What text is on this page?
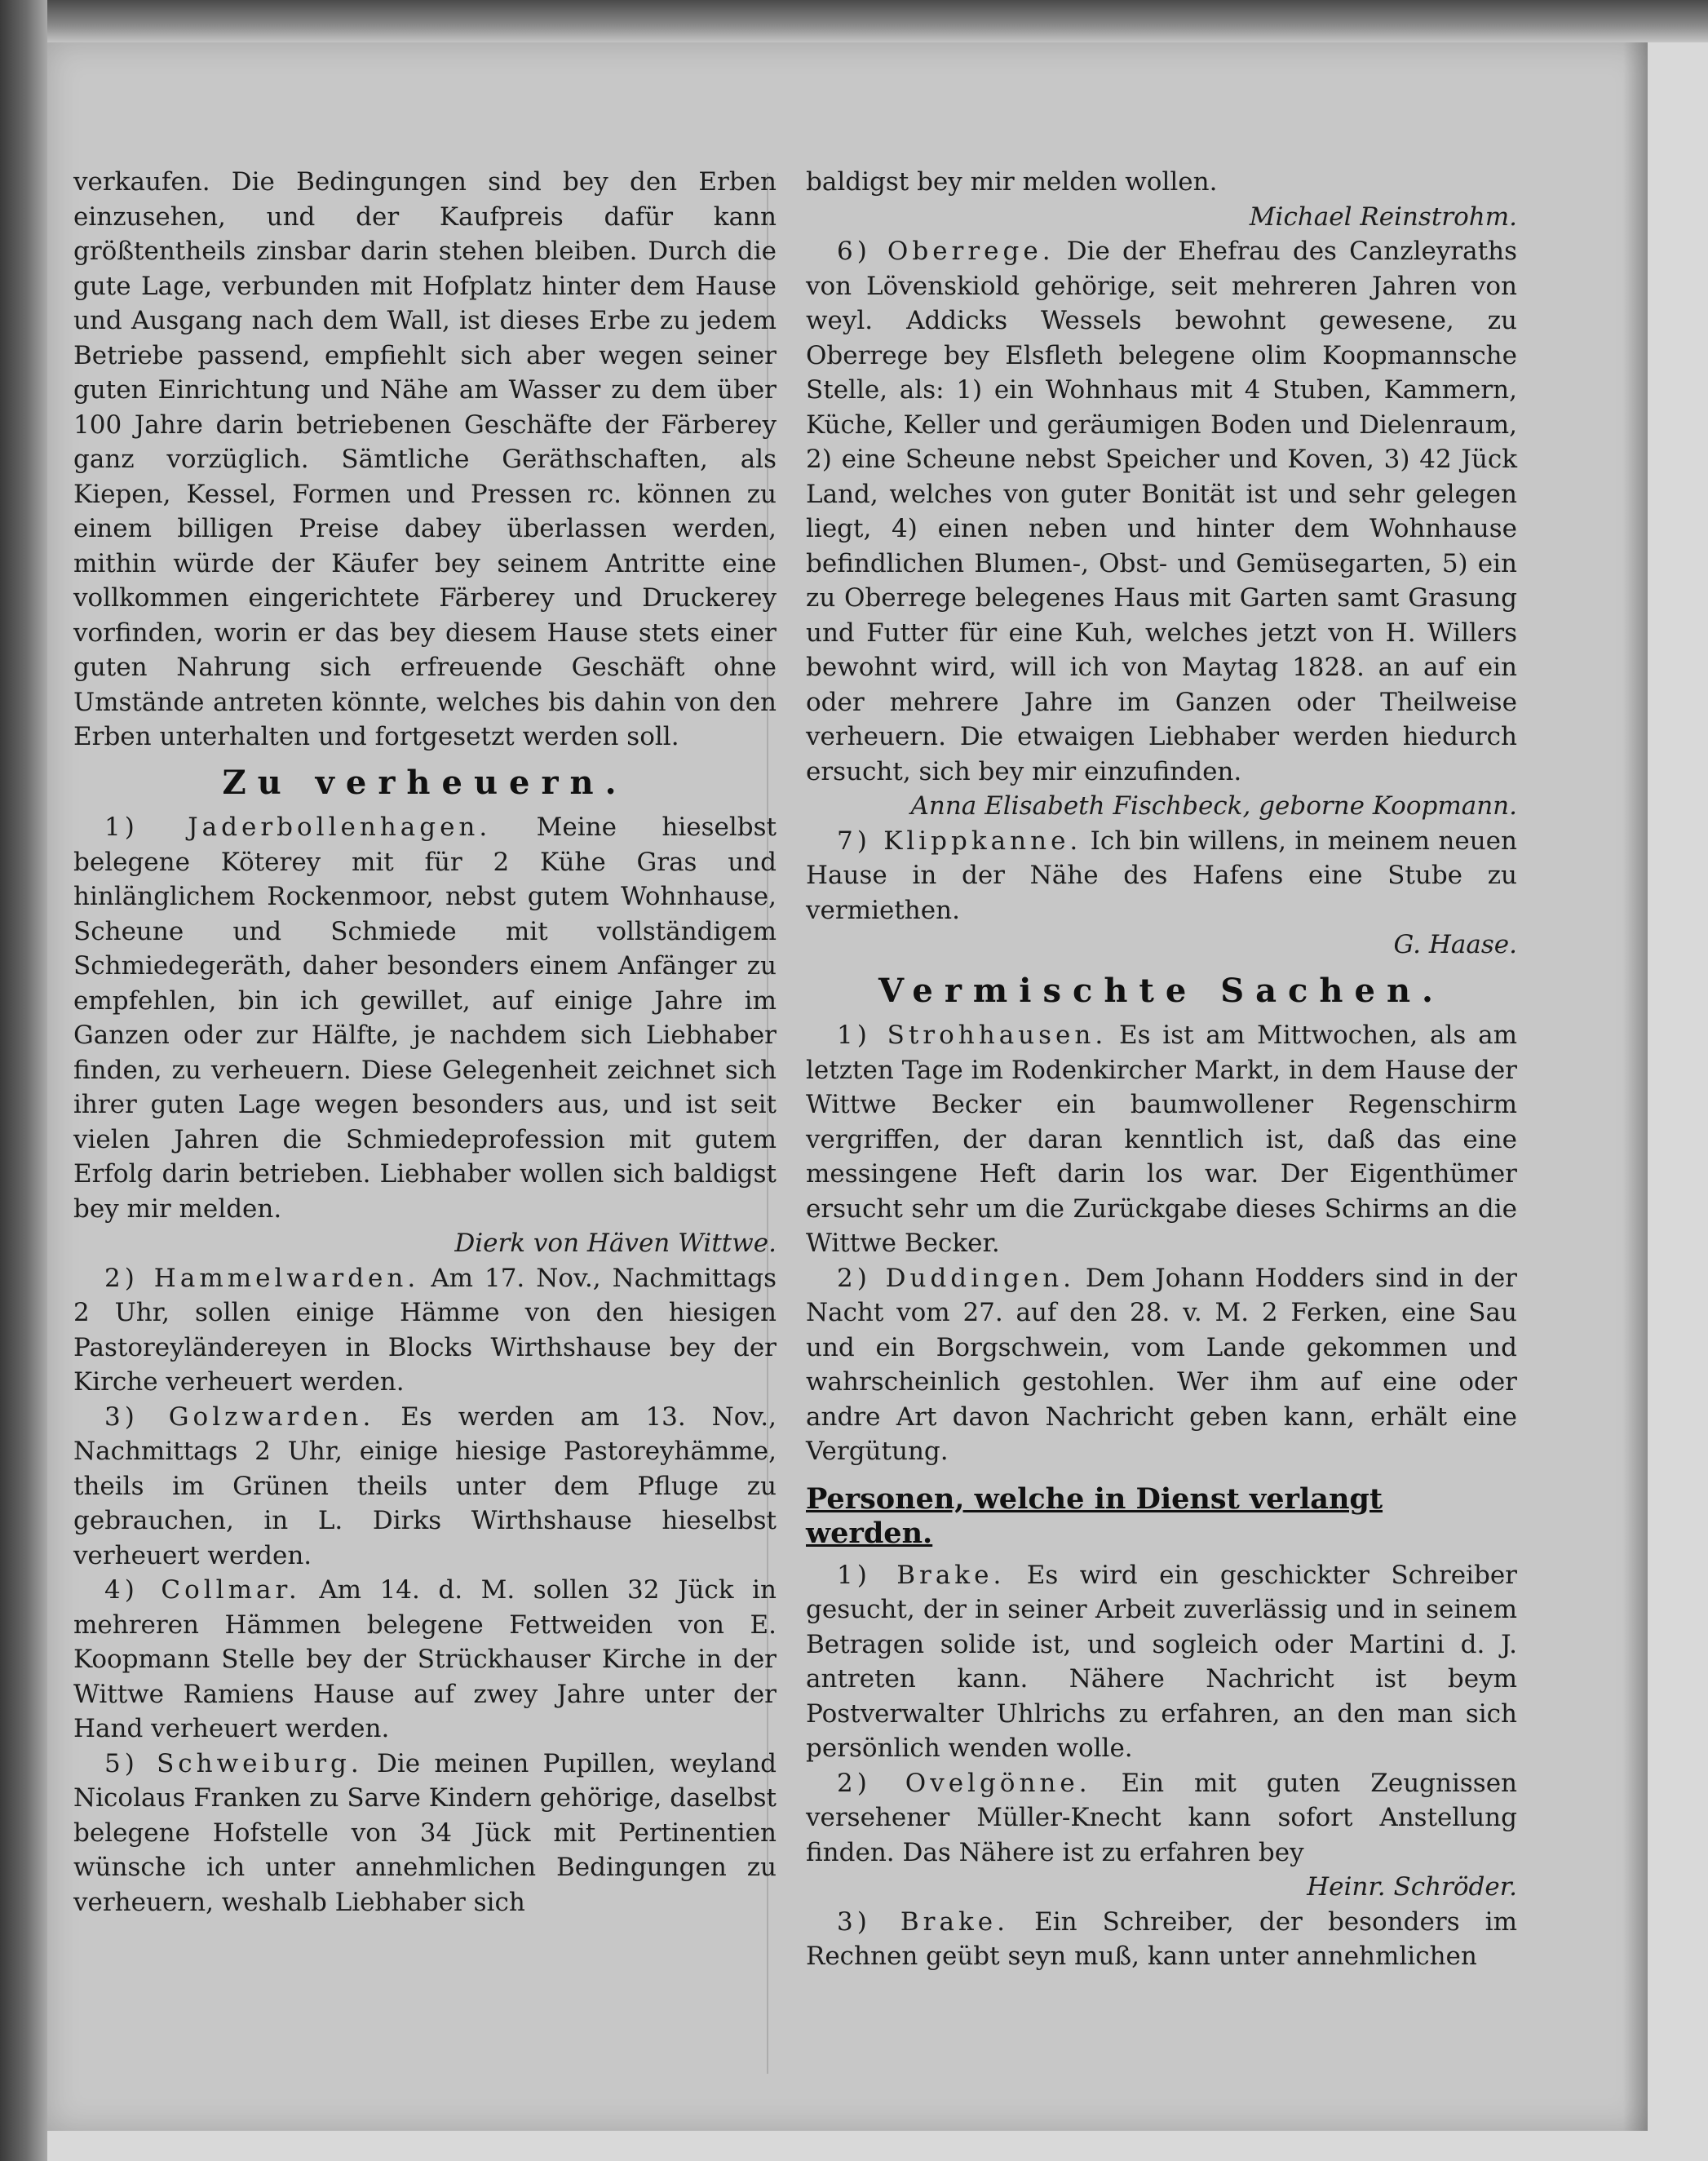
verkaufen. Die Bedingungen sind bey den Erben einzusehen, und der Kaufpreis dafür kann größtentheils zinsbar darin stehen bleiben. Durch die gute Lage, verbunden mit Hofplatz hinter dem Hause und Ausgang nach dem Wall, ist dieses Erbe zu jedem Betriebe passend, empfiehlt sich aber wegen seiner guten Einrichtung und Nähe am Wasser zu dem über 100 Jahre darin betriebenen Geschäfte der Färberey ganz vorzüglich. Sämtliche Geräthschaften, als Kiepen, Kessel, Formen und Pressen rc. können zu einem billigen Preise dabey überlassen werden, mithin würde der Käufer bey seinem Antritte eine vollkommen eingerichtete Färberey und Druckerey vorfinden, worin er das bey diesem Hause stets einer guten Nahrung sich erfreuende Geschäft ohne Umstände antreten könnte, welches bis dahin von den Erben unterhalten und fortgesetzt werden soll.

Zu verheuern.

1) Jaderbollenhagen. Meine hieselbst belegene Köterey mit für 2 Kühe Gras und hinlänglichem Rockenmoor, nebst gutem Wohnhause, Scheune und Schmiede mit vollständigem Schmiedegeräth, daher besonders einem Anfänger zu empfehlen, bin ich gewillet, auf einige Jahre im Ganzen oder zur Hälfte, je nachdem sich Liebhaber finden, zu verheuern. Diese Gelegenheit zeichnet sich ihrer guten Lage wegen besonders aus, und ist seit vielen Jahren die Schmiedeprofession mit gutem Erfolg darin betrieben. Liebhaber wollen sich baldigst bey mir melden.

Dierk von Häven Wittwe.

2) Hammelwarden. Am 17. Nov., Nachmittags 2 Uhr, sollen einige Hämme von den hiesigen Pastoreyländereyen in Blocks Wirthshause bey der Kirche verheuert werden.

3) Golzwarden. Es werden am 13. Nov., Nachmittags 2 Uhr, einige hiesige Pastoreyhämme, theils im Grünen theils unter dem Pfluge zu gebrauchen, in L. Dirks Wirthshause hieselbst verheuert werden.

4) Collmar. Am 14. d. M. sollen 32 Jück in mehreren Hämmen belegene Fettweiden von E. Koopmann Stelle bey der Strückhauser Kirche in der Wittwe Ramiens Hause auf zwey Jahre unter der Hand verheuert werden.

5) Schweiburg. Die meinen Pupillen, weyland Nicolaus Franken zu Sarve Kindern gehörige, daselbst belegene Hofstelle von 34 Jück mit Pertinentien wünsche ich unter annehmlichen Bedingungen zu verheuern, weshalb Liebhaber sich

baldigst bey mir melden wollen.

Michael Reinstrohm.

6) Oberrege. Die der Ehefrau des Canzleyraths von Lövenskiold gehörige, seit mehreren Jahren von weyl. Addicks Wessels bewohnt gewesene, zu Oberrege bey Elsfleth belegene olim Koopmannsche Stelle, als: 1) ein Wohnhaus mit 4 Stuben, Kammern, Küche, Keller und geräumigen Boden und Dielenraum, 2) eine Scheune nebst Speicher und Koven, 3) 42 Jück Land, welches von guter Bonität ist und sehr gelegen liegt, 4) einen neben und hinter dem Wohnhause befindlichen Blumen-, Obst- und Gemüsegarten, 5) ein zu Oberrege belegenes Haus mit Garten samt Grasung und Futter für eine Kuh, welches jetzt von H. Willers bewohnt wird, will ich von Maytag 1828. an auf ein oder mehrere Jahre im Ganzen oder Theilweise verheuern. Die etwaigen Liebhaber werden hiedurch ersucht, sich bey mir einzufinden.

Anna Elisabeth Fischbeck, geborne Koopmann.

7) Klippkanne. Ich bin willens, in meinem neuen Hause in der Nähe des Hafens eine Stube zu vermiethen.

G. Haase.

Vermischte Sachen.

1) Strohhausen. Es ist am Mittwochen, als am letzten Tage im Rodenkircher Markt, in dem Hause der Wittwe Becker ein baumwollener Regenschirm vergriffen, der daran kenntlich ist, daß das eine messingene Heft darin los war. Der Eigenthümer ersucht sehr um die Zurückgabe dieses Schirms an die Wittwe Becker.

2) Duddingen. Dem Johann Hodders sind in der Nacht vom 27. auf den 28. v. M. 2 Ferken, eine Sau und ein Borgschwein, vom Lande gekommen und wahrscheinlich gestohlen. Wer ihm auf eine oder andre Art davon Nachricht geben kann, erhält eine Vergütung.

Personen, welche in Dienst verlangt werden.

1) Brake. Es wird ein geschickter Schreiber gesucht, der in seiner Arbeit zuverlässig und in seinem Betragen solide ist, und sogleich oder Martini d. J. antreten kann. Nähere Nachricht ist beym Postverwalter Uhlrichs zu erfahren, an den man sich persönlich wenden wolle.

2) Ovelgönne. Ein mit guten Zeugnissen versehener Müller-Knecht kann sofort Anstellung finden. Das Nähere ist zu erfahren bey

Heinr. Schröder.

3) Brake. Ein Schreiber, der besonders im Rechnen geübt seyn muß, kann unter annehmlichen
